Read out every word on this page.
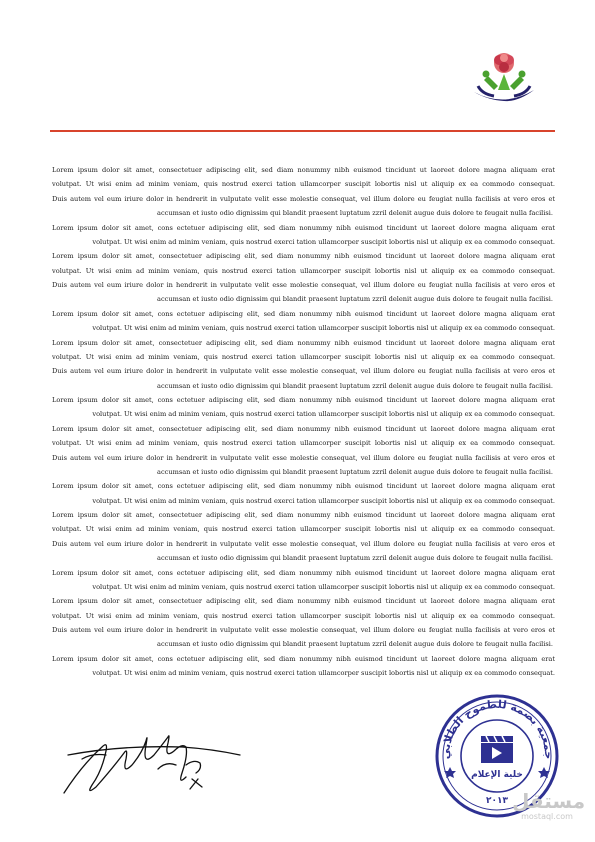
Lorem ipsum dolor sit amet, consectetuer adipiscing elit, sed diam nonummy nibh euismod tincidunt ut laoreet dolore magna aliquam erat
volutpat. Ut wisi enim ad minim veniam, quis nostrud exerci tation ullamcorper suscipit lobortis nisl ut aliquip ex ea commodo consequat.
Duis autem vel eum iriure dolor in hendrerit in vulputate velit esse molestie consequat, vel illum dolore eu feugiat nulla facilisis at vero eros et
accumsan et iusto odio dignissim qui blandit praesent luptatum zzril delenit augue duis dolore te feugait nulla facilisi.
Lorem ipsum dolor sit amet, cons ectetuer adipiscing elit, sed diam nonummy nibh euismod tincidunt ut laoreet dolore magna aliquam erat
volutpat. Ut wisi enim ad minim veniam, quis nostrud exerci tation ullamcorper suscipit lobortis nisl ut aliquip ex ea commodo consequat.
Lorem ipsum dolor sit amet, consectetuer adipiscing elit, sed diam nonummy nibh euismod tincidunt ut laoreet dolore magna aliquam erat
volutpat. Ut wisi enim ad minim veniam, quis nostrud exerci tation ullamcorper suscipit lobortis nisl ut aliquip ex ea commodo consequat.
Duis autem vel eum iriure dolor in hendrerit in vulputate velit esse molestie consequat, vel illum dolore eu feugiat nulla facilisis at vero eros et
accumsan et iusto odio dignissim qui blandit praesent luptatum zzril delenit augue duis dolore te feugait nulla facilisi.
Lorem ipsum dolor sit amet, cons ectetuer adipiscing elit, sed diam nonummy nibh euismod tincidunt ut laoreet dolore magna aliquam erat
volutpat. Ut wisi enim ad minim veniam, quis nostrud exerci tation ullamcorper suscipit lobortis nisl ut aliquip ex ea commodo consequat.
Lorem ipsum dolor sit amet, consectetuer adipiscing elit, sed diam nonummy nibh euismod tincidunt ut laoreet dolore magna aliquam erat
volutpat. Ut wisi enim ad minim veniam, quis nostrud exerci tation ullamcorper suscipit lobortis nisl ut aliquip ex ea commodo consequat.
Duis autem vel eum iriure dolor in hendrerit in vulputate velit esse molestie consequat, vel illum dolore eu feugiat nulla facilisis at vero eros et
accumsan et iusto odio dignissim qui blandit praesent luptatum zzril delenit augue duis dolore te feugait nulla facilisi.
Lorem ipsum dolor sit amet, cons ectetuer adipiscing elit, sed diam nonummy nibh euismod tincidunt ut laoreet dolore magna aliquam erat
volutpat. Ut wisi enim ad minim veniam, quis nostrud exerci tation ullamcorper suscipit lobortis nisl ut aliquip ex ea commodo consequat.
Lorem ipsum dolor sit amet, consectetuer adipiscing elit, sed diam nonummy nibh euismod tincidunt ut laoreet dolore magna aliquam erat
volutpat. Ut wisi enim ad minim veniam, quis nostrud exerci tation ullamcorper suscipit lobortis nisl ut aliquip ex ea commodo consequat.
Duis autem vel eum iriure dolor in hendrerit in vulputate velit esse molestie consequat, vel illum dolore eu feugiat nulla facilisis at vero eros et
accumsan et iusto odio dignissim qui blandit praesent luptatum zzril delenit augue duis dolore te feugait nulla facilisi.
Lorem ipsum dolor sit amet, cons ectetuer adipiscing elit, sed diam nonummy nibh euismod tincidunt ut laoreet dolore magna aliquam erat
volutpat. Ut wisi enim ad minim veniam, quis nostrud exerci tation ullamcorper suscipit lobortis nisl ut aliquip ex ea commodo consequat.
Lorem ipsum dolor sit amet, consectetuer adipiscing elit, sed diam nonummy nibh euismod tincidunt ut laoreet dolore magna aliquam erat
volutpat. Ut wisi enim ad minim veniam, quis nostrud exerci tation ullamcorper suscipit lobortis nisl ut aliquip ex ea commodo consequat.
Duis autem vel eum iriure dolor in hendrerit in vulputate velit esse molestie consequat, vel illum dolore eu feugiat nulla facilisis at vero eros et
accumsan et iusto odio dignissim qui blandit praesent luptatum zzril delenit augue duis dolore te feugait nulla facilisi.
Lorem ipsum dolor sit amet, cons ectetuer adipiscing elit, sed diam nonummy nibh euismod tincidunt ut laoreet dolore magna aliquam erat
volutpat. Ut wisi enim ad minim veniam, quis nostrud exerci tation ullamcorper suscipit lobortis nisl ut aliquip ex ea commodo consequat.
Lorem ipsum dolor sit amet, consectetuer adipiscing elit, sed diam nonummy nibh euismod tincidunt ut laoreet dolore magna aliquam erat
volutpat. Ut wisi enim ad minim veniam, quis nostrud exerci tation ullamcorper suscipit lobortis nisl ut aliquip ex ea commodo consequat.
Duis autem vel eum iriure dolor in hendrerit in vulputate velit esse molestie consequat, vel illum dolore eu feugiat nulla facilisis at vero eros et
accumsan et iusto odio dignissim qui blandit praesent luptatum zzril delenit augue duis dolore te feugait nulla facilisi.
Lorem ipsum dolor sit amet, cons ectetuer adipiscing elit, sed diam nonummy nibh euismod tincidunt ut laoreet dolore magna aliquam erat
volutpat. Ut wisi enim ad minim veniam, quis nostrud exerci tation ullamcorper suscipit lobortis nisl ut aliquip ex ea commodo consequat.
جمعية بصمة للطموح الطلابي
خلية الإعلام
٢٠١٣ مستقل
mostaql.com
